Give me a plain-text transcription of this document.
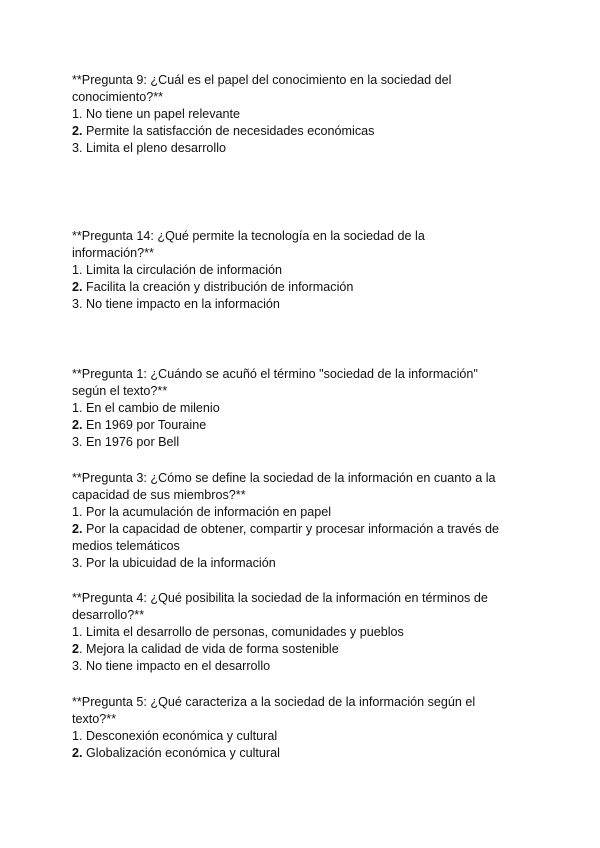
**Pregunta 9: ¿Cuál es el papel del conocimiento en la sociedad del
conocimiento?**
1. No tiene un papel relevante
2. Permite la satisfacción de necesidades económicas
3. Limita el pleno desarrollo
**Pregunta 14: ¿Qué permite la tecnología en la sociedad de la
información?**
1. Limita la circulación de información
2. Facilita la creación y distribución de información
3. No tiene impacto en la información
**Pregunta 1: ¿Cuándo se acuñó el término "sociedad de la información"
según el texto?**
1. En el cambio de milenio
2. En 1969 por Touraine
3. En 1976 por Bell
**Pregunta 3: ¿Cómo se define la sociedad de la información en cuanto a la
capacidad de sus miembros?**
1. Por la acumulación de información en papel
2. Por la capacidad de obtener, compartir y procesar información a través de
medios telemáticos
3. Por la ubicuidad de la información
**Pregunta 4: ¿Qué posibilita la sociedad de la información en términos de
desarrollo?**
1. Limita el desarrollo de personas, comunidades y pueblos
2. Mejora la calidad de vida de forma sostenible
3. No tiene impacto en el desarrollo
**Pregunta 5: ¿Qué caracteriza a la sociedad de la información según el
texto?**
1. Desconexión económica y cultural
2. Globalización económica y cultural
